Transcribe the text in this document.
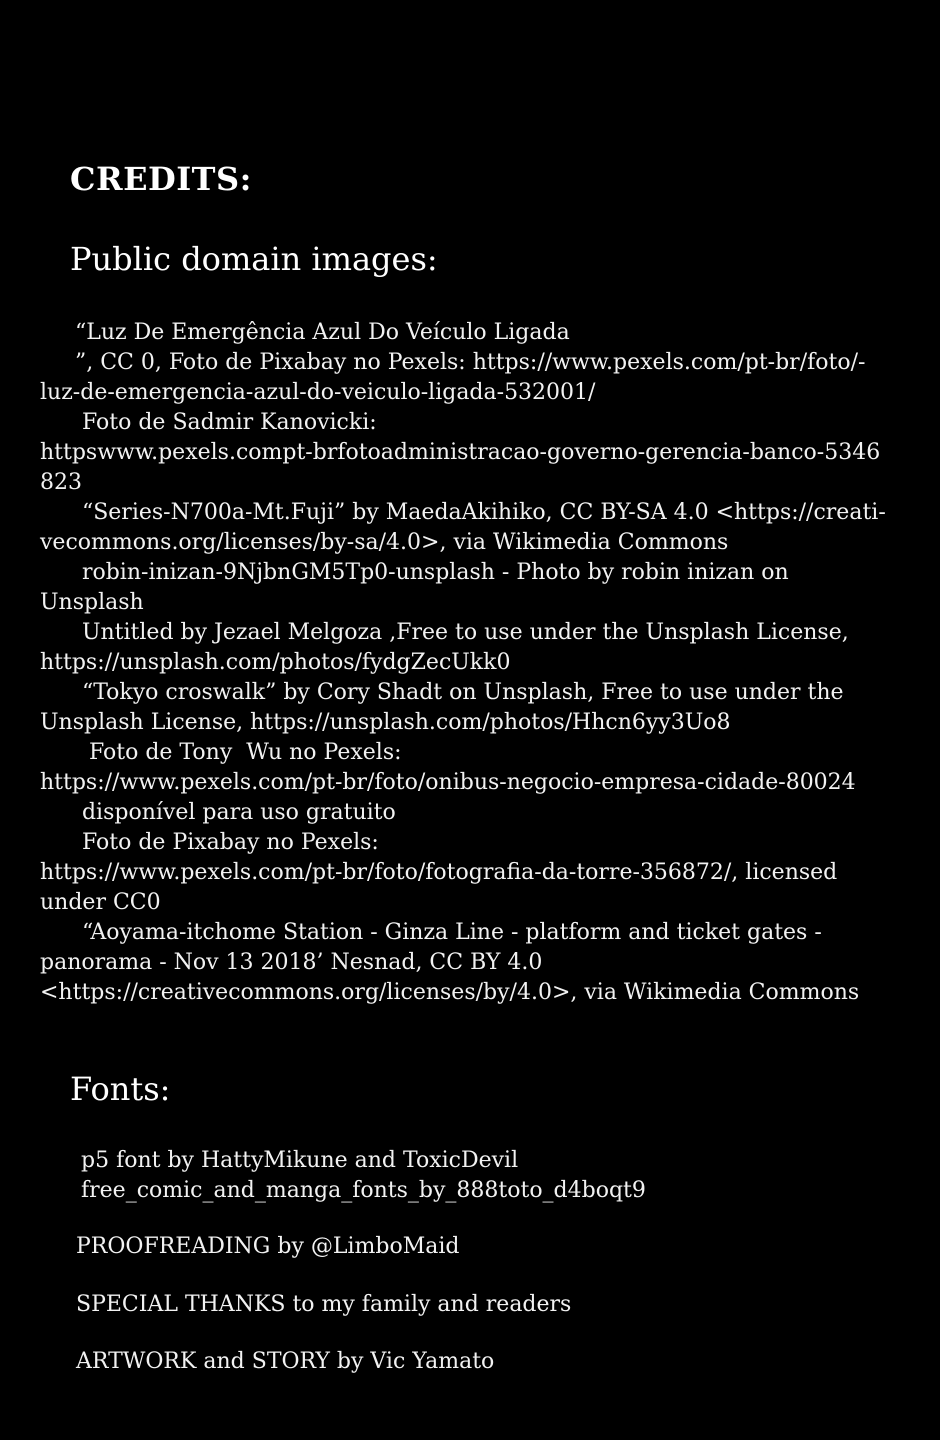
CREDITS:
Public domain images:
“Luz De Emergência Azul Do Veículo Ligada
”, CC 0, Foto de Pixabay no Pexels: https://www.pexels.com/pt-br/foto/-
luz-de-emergencia-azul-do-veiculo-ligada-532001/
Foto de Sadmir Kanovicki:
httpswww.pexels.compt-brfotoadministracao-governo-gerencia-banco-5346
823
“Series-N700a-Mt.Fuji” by MaedaAkihiko, CC BY-SA 4.0 <https://creati-
vecommons.org/licenses/by-sa/4.0>, via Wikimedia Commons
robin-inizan-9NjbnGM5Tp0-unsplash - Photo by robin inizan on
Unsplash
Untitled by Jezael Melgoza ,Free to use under the Unsplash License,
https://unsplash.com/photos/fydgZecUkk0
“Tokyo croswalk” by Cory Shadt on Unsplash, Free to use under the
Unsplash License, https://unsplash.com/photos/Hhcn6yy3Uo8
Foto de Tony  Wu no Pexels:
https://www.pexels.com/pt-br/foto/onibus-negocio-empresa-cidade-80024
disponível para uso gratuito
Foto de Pixabay no Pexels:
https://www.pexels.com/pt-br/foto/fotografia-da-torre-356872/, licensed
under CC0
“Aoyama-itchome Station - Ginza Line - platform and ticket gates -
panorama - Nov 13 2018’ Nesnad, CC BY 4.0
<https://creativecommons.org/licenses/by/4.0>, via Wikimedia Commons
Fonts:
p5 font by HattyMikune and ToxicDevil
free_comic_and_manga_fonts_by_888toto_d4boqt9
PROOFREADING by @LimboMaid
SPECIAL THANKS to my family and readers
ARTWORK and STORY by Vic Yamato
